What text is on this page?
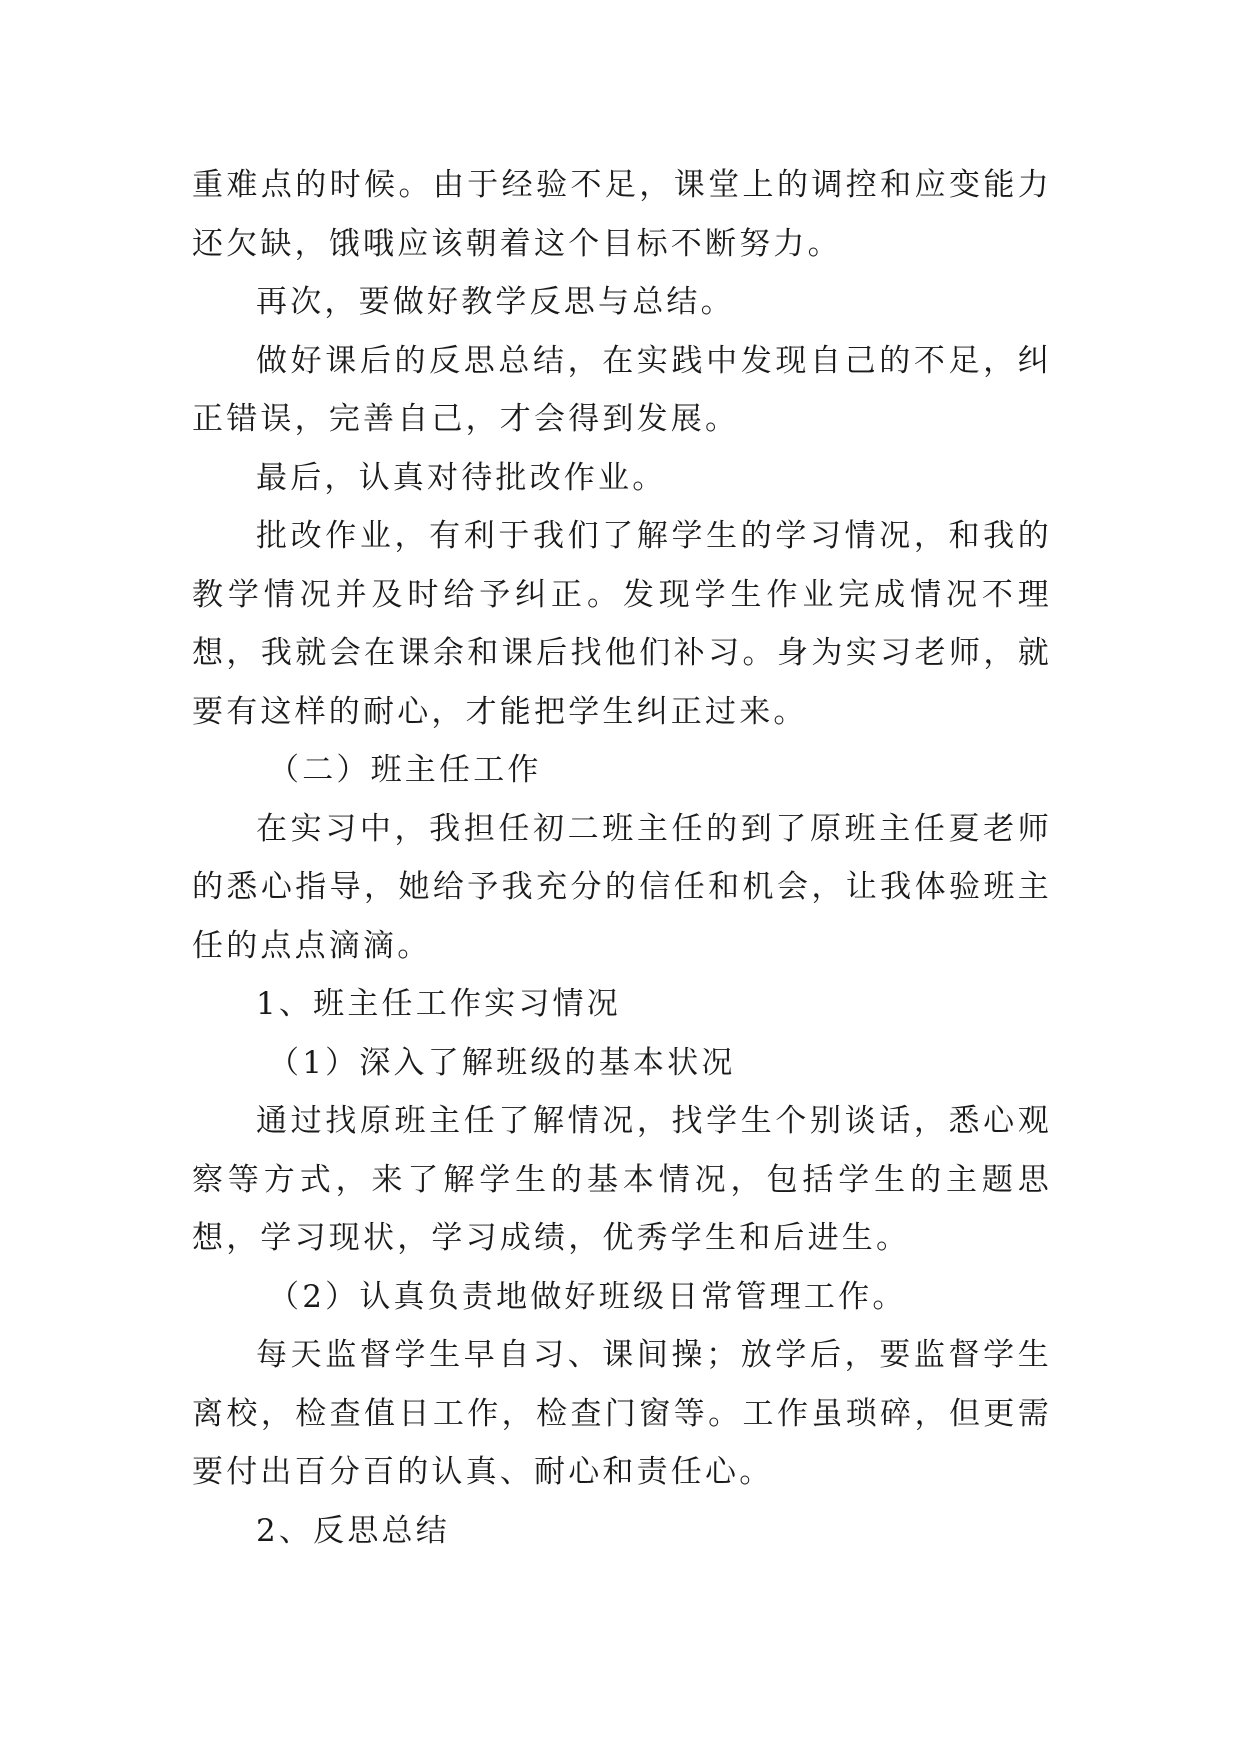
重难点的时候。由于经验不足，课堂上的调控和应变能力还欠缺，饿哦应该朝着这个目标不断努力。

再次，要做好教学反思与总结。

做好课后的反思总结，在实践中发现自己的不足，纠正错误，完善自己，才会得到发展。

最后，认真对待批改作业。

批改作业，有利于我们了解学生的学习情况，和我的教学情况并及时给予纠正。发现学生作业完成情况不理想，我就会在课余和课后找他们补习。身为实习老师，就要有这样的耐心，才能把学生纠正过来。

（二）班主任工作

在实习中，我担任初二班主任的到了原班主任夏老师的悉心指导，她给予我充分的信任和机会，让我体验班主任的点点滴滴。

1、班主任工作实习情况

（1）深入了解班级的基本状况

通过找原班主任了解情况，找学生个别谈话，悉心观察等方式，来了解学生的基本情况，包括学生的主题思想，学习现状，学习成绩，优秀学生和后进生。

（2）认真负责地做好班级日常管理工作。

每天监督学生早自习、课间操；放学后，要监督学生离校，检查值日工作，检查门窗等。工作虽琐碎，但更需要付出百分百的认真、耐心和责任心。

2、反思总结
